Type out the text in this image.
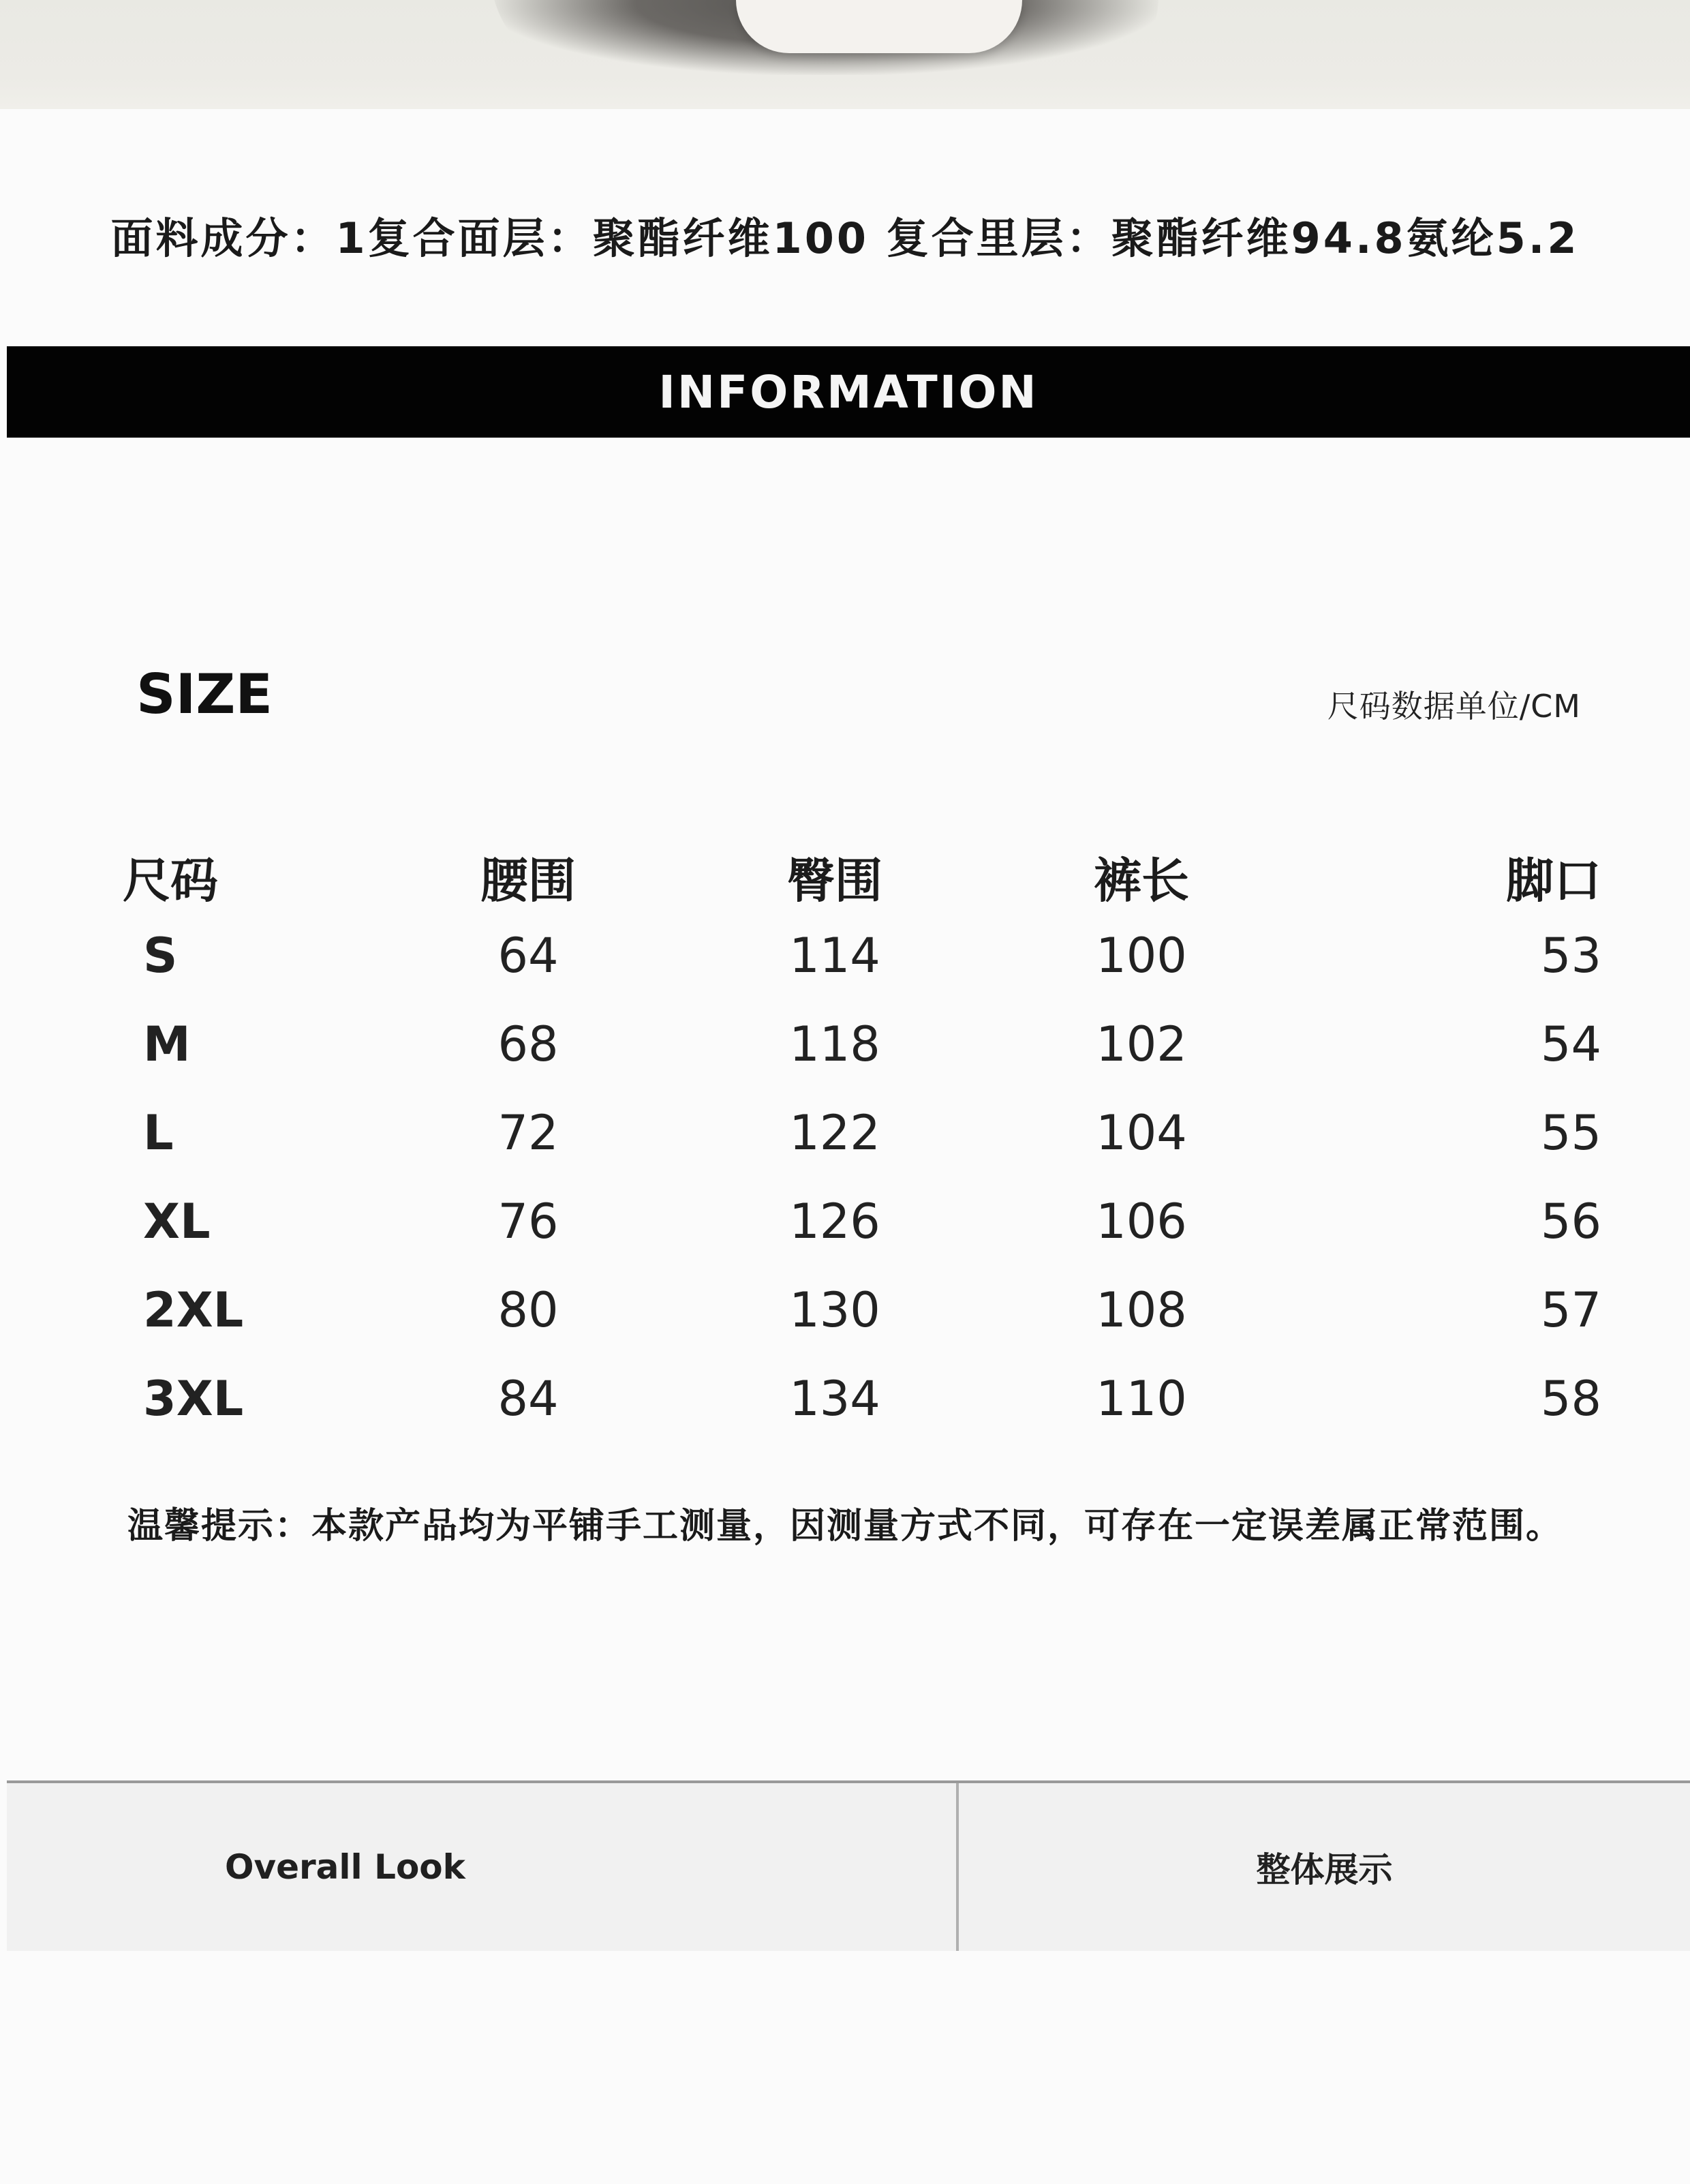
面料成分：1复合面层：聚酯纤维100 复合里层：聚酯纤维94.8氨纶5.2
INFORMATION
SIZE	尺码数据单位/CM
尺码	腰围	臀围	裤长	脚口
S	64	114	100	53
M	68	118	102	54
L	72	122	104	55
XL	76	126	106	56
2XL	80	130	108	57
3XL	84	134	110	58
温馨提示：本款产品均为平铺手工测量，因测量方式不同，可存在一定误差属正常范围。
Overall Look	整体展示
